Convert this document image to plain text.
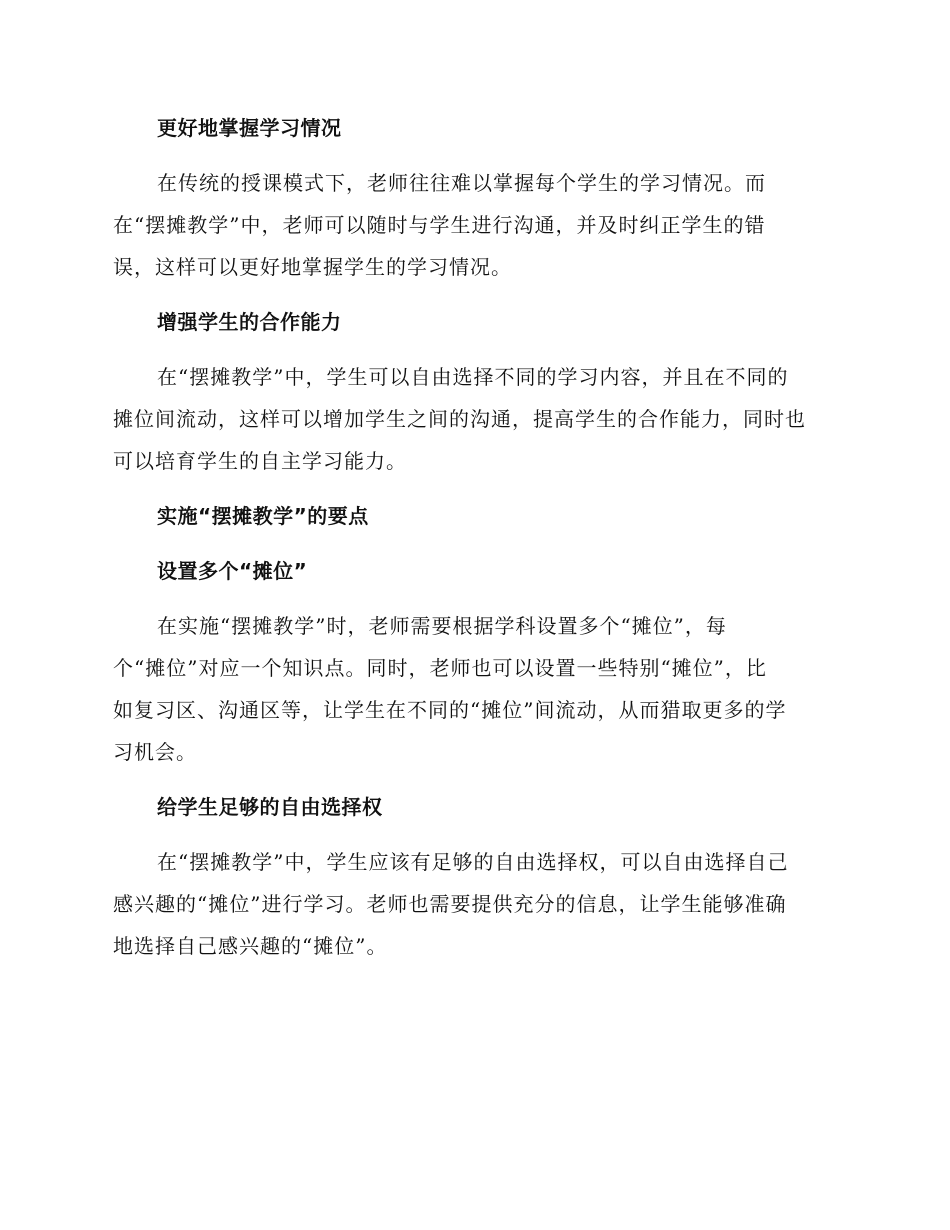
更好地掌握学习情况
在传统的授课模式下，老师往往难以掌握每个学生的学习情况。而
在“摆摊教学”中，老师可以随时与学生进行沟通，并及时纠正学生的错
误，这样可以更好地掌握学生的学习情况。
增强学生的合作能力
在“摆摊教学”中，学生可以自由选择不同的学习内容，并且在不同的
摊位间流动，这样可以增加学生之间的沟通，提高学生的合作能力，同时也
可以培育学生的自主学习能力。
实施“摆摊教学”的要点
设置多个“摊位”
在实施“摆摊教学”时，老师需要根据学科设置多个“摊位”，每
个“摊位”对应一个知识点。同时，老师也可以设置一些特别“摊位”，比
如复习区、沟通区等，让学生在不同的“摊位”间流动，从而猎取更多的学
习机会。
给学生足够的自由选择权
在“摆摊教学”中，学生应该有足够的自由选择权，可以自由选择自己
感兴趣的“摊位”进行学习。老师也需要提供充分的信息，让学生能够准确
地选择自己感兴趣的“摊位”。
